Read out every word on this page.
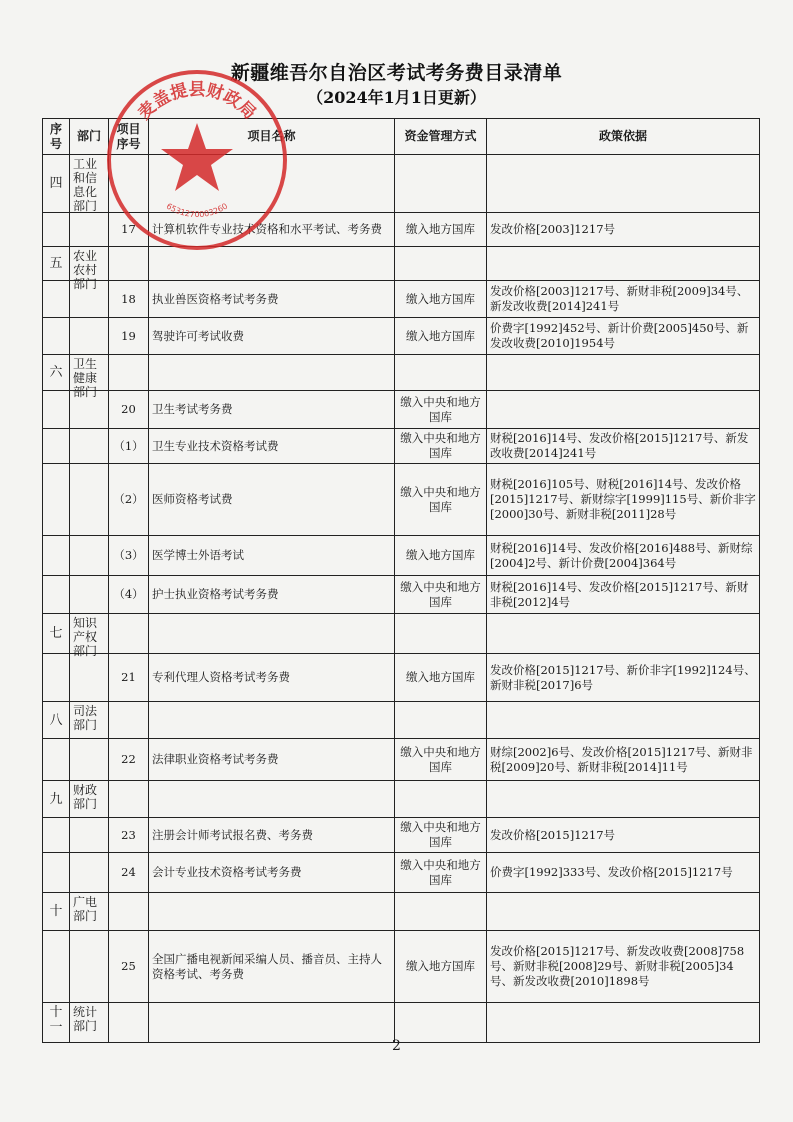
新疆维吾尔自治区考试考务费目录清单
（2024年1月1日更新）
序号	部门	项目序号	项目名称	资金管理方式	政策依据
四	工业和信息化部门				

		17	计算机软件专业技术资格和水平考试、考务费	缴入地方国库	发改价格[2003]1217号
五	农业农村部门				

		18	执业兽医资格考试考务费	缴入地方国库	发改价格[2003]1217号、新财非税[2009]34号、新发改收费[2014]241号
		19	驾驶许可考试收费	缴入地方国库	价费字[1992]452号、新计价费[2005]450号、新发改收费[2010]1954号
六	卫生健康部门				

		20	卫生考试考务费	缴入中央和地方国库	
		（1）	卫生专业技术资格考试费	缴入中央和地方国库	财税[2016]14号、发改价格[2015]1217号、新发改收费[2014]241号
		（2）	医师资格考试费	缴入中央和地方国库	财税[2016]105号、财税[2016]14号、发改价格[2015]1217号、新财综字[1999]115号、新价非字[2000]30号、新财非税[2011]28号
		（3）	医学博士外语考试	缴入地方国库	财税[2016]14号、发改价格[2016]488号、新财综[2004]2号、新计价费[2004]364号
		（4）	护士执业资格考试考务费	缴入中央和地方国库	财税[2016]14号、发改价格[2015]1217号、新财非税[2012]4号
七	知识产权部门				

		21	专利代理人资格考试考务费	缴入地方国库	发改价格[2015]1217号、新价非字[1992]124号、新财非税[2017]6号
八	司法部门				

		22	法律职业资格考试考务费	缴入中央和地方国库	财综[2002]6号、发改价格[2015]1217号、新财非税[2009]20号、新财非税[2014]11号
九	财政部门				

		23	注册会计师考试报名费、考务费	缴入中央和地方国库	发改价格[2015]1217号
		24	会计专业技术资格考试考务费	缴入中央和地方国库	价费字[1992]333号、发改价格[2015]1217号
十	广电部门				

		25	全国广播电视新闻采编人员、播音员、主持人资格考试、考务费	缴入地方国库	发改价格[2015]1217号、新发改收费[2008]758号、新财非税[2008]29号、新财非税[2005]34号、新发改收费[2010]1898号

十一	统计部门				

2
麦盖提县财政局
6531270003260
